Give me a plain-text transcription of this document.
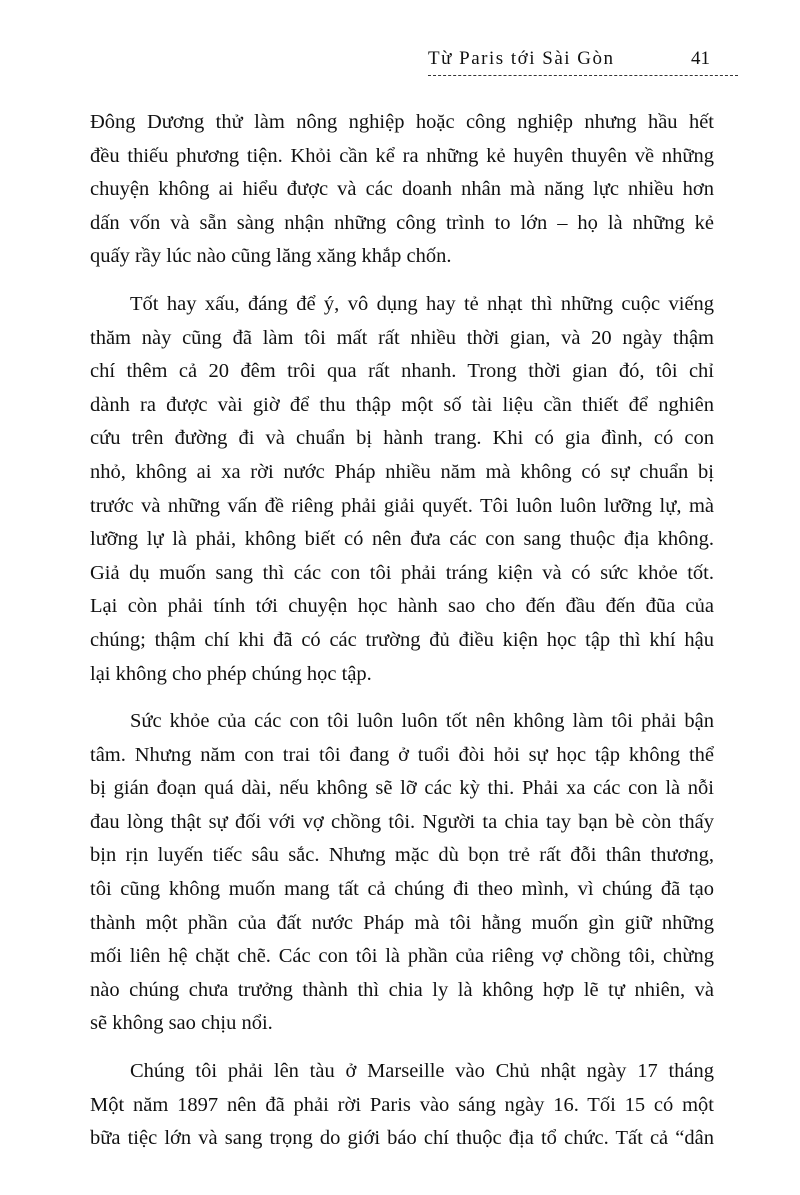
Từ Paris tới Sài Gòn	41

Đông Dương thử làm nông nghiệp hoặc công nghiệp nhưng hầu hết
đều thiếu phương tiện. Khỏi cần kể ra những kẻ huyên thuyên về những
chuyện không ai hiểu được và các doanh nhân mà năng lực nhiều hơn
dấn vốn và sẵn sàng nhận những công trình to lớn – họ là những kẻ
quấy rầy lúc nào cũng lăng xăng khắp chốn.

Tốt hay xấu, đáng để ý, vô dụng hay tẻ nhạt thì những cuộc viếng
thăm này cũng đã làm tôi mất rất nhiều thời gian, và 20 ngày thậm
chí thêm cả 20 đêm trôi qua rất nhanh. Trong thời gian đó, tôi chỉ
dành ra được vài giờ để thu thập một số tài liệu cần thiết để nghiên
cứu trên đường đi và chuẩn bị hành trang. Khi có gia đình, có con
nhỏ, không ai xa rời nước Pháp nhiều năm mà không có sự chuẩn bị
trước và những vấn đề riêng phải giải quyết. Tôi luôn luôn lưỡng lự, mà
lưỡng lự là phải, không biết có nên đưa các con sang thuộc địa không.
Giả dụ muốn sang thì các con tôi phải tráng kiện và có sức khỏe tốt.
Lại còn phải tính tới chuyện học hành sao cho đến đầu đến đũa của
chúng; thậm chí khi đã có các trường đủ điều kiện học tập thì khí hậu
lại không cho phép chúng học tập.

Sức khỏe của các con tôi luôn luôn tốt nên không làm tôi phải bận
tâm. Nhưng năm con trai tôi đang ở tuổi đòi hỏi sự học tập không thể
bị gián đoạn quá dài, nếu không sẽ lỡ các kỳ thi. Phải xa các con là nỗi
đau lòng thật sự đối với vợ chồng tôi. Người ta chia tay bạn bè còn thấy
bịn rịn luyến tiếc sâu sắc. Nhưng mặc dù bọn trẻ rất đỗi thân thương,
tôi cũng không muốn mang tất cả chúng đi theo mình, vì chúng đã tạo
thành một phần của đất nước Pháp mà tôi hằng muốn gìn giữ những
mối liên hệ chặt chẽ. Các con tôi là phần của riêng vợ chồng tôi, chừng
nào chúng chưa trưởng thành thì chia ly là không hợp lẽ tự nhiên, và
sẽ không sao chịu nổi.

Chúng tôi phải lên tàu ở Marseille vào Chủ nhật ngày 17 tháng
Một năm 1897 nên đã phải rời Paris vào sáng ngày 16. Tối 15 có một
bữa tiệc lớn và sang trọng do giới báo chí thuộc địa tổ chức. Tất cả “dân
